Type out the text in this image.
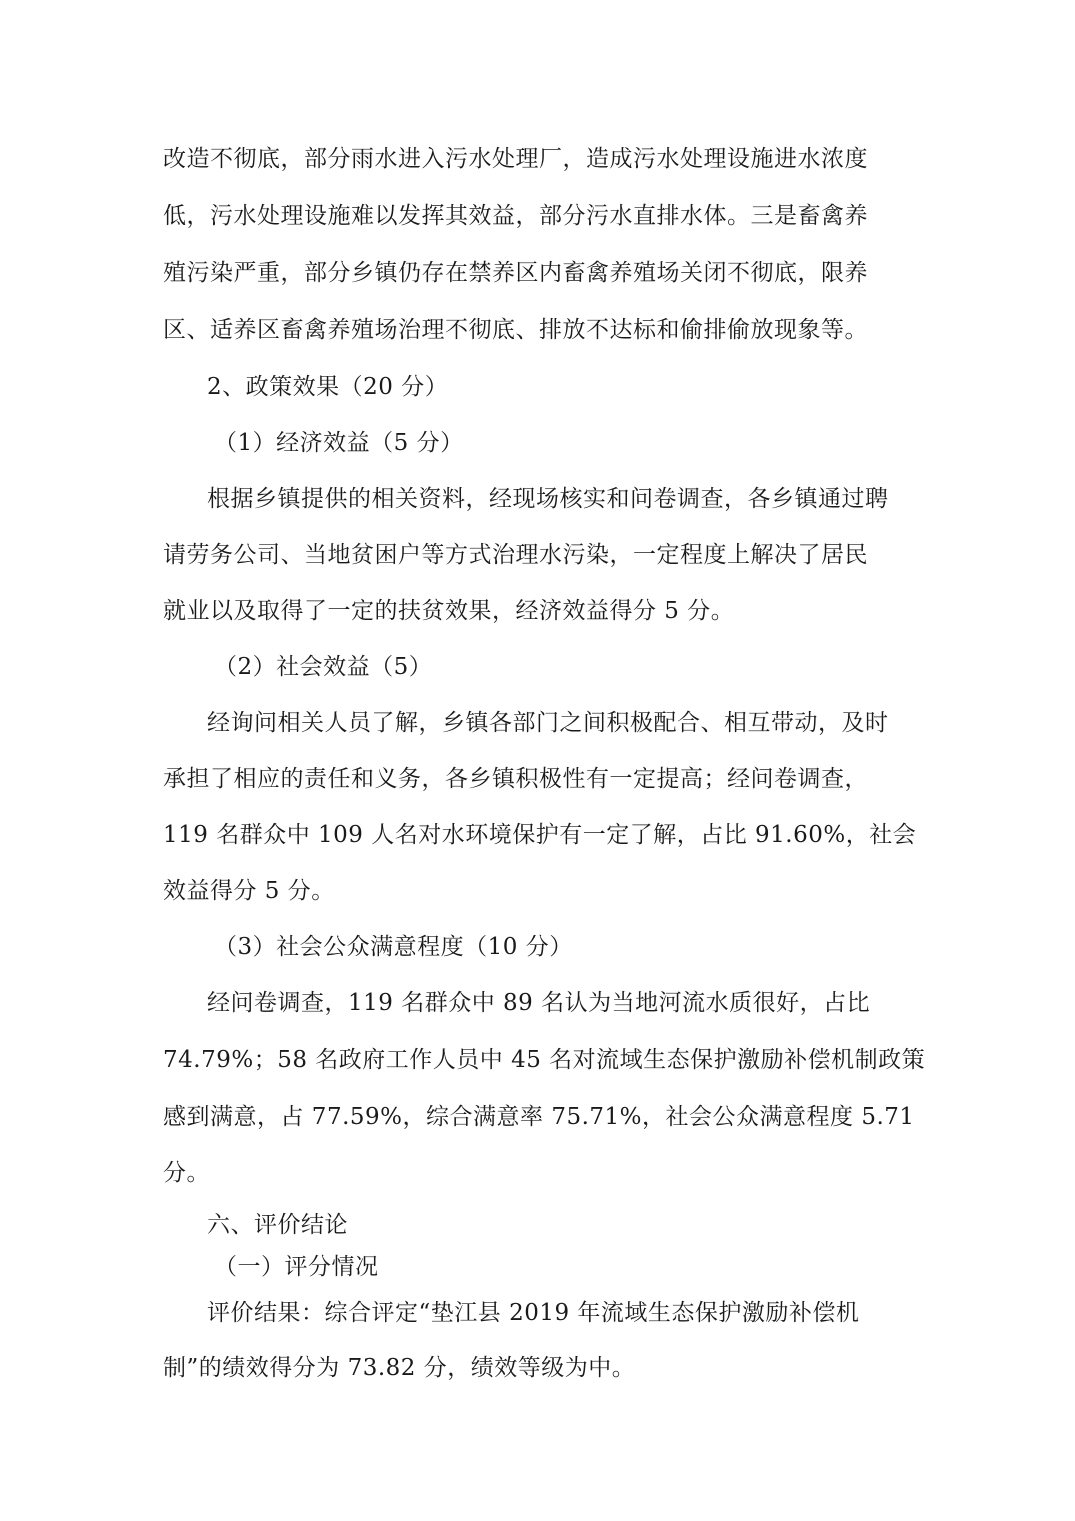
改造不彻底，部分雨水进入污水处理厂，造成污水处理设施进水浓度
低，污水处理设施难以发挥其效益，部分污水直排水体。三是畜禽养
殖污染严重，部分乡镇仍存在禁养区内畜禽养殖场关闭不彻底，限养
区、适养区畜禽养殖场治理不彻底、排放不达标和偷排偷放现象等。
2、政策效果（20 分）
（1）经济效益（5 分）
根据乡镇提供的相关资料，经现场核实和问卷调查，各乡镇通过聘
请劳务公司、当地贫困户等方式治理水污染，一定程度上解决了居民
就业以及取得了一定的扶贫效果，经济效益得分 5 分。
（2）社会效益（5）
经询问相关人员了解，乡镇各部门之间积极配合、相互带动，及时
承担了相应的责任和义务，各乡镇积极性有一定提高；经问卷调查，
119 名群众中 109 人名对水环境保护有一定了解，占比 91.60%，社会
效益得分 5 分。
（3）社会公众满意程度（10 分）
经问卷调查，119 名群众中 89 名认为当地河流水质很好，占比
74.79%；58 名政府工作人员中 45 名对流域生态保护激励补偿机制政策
感到满意，占 77.59%，综合满意率 75.71%，社会公众满意程度 5.71
分。
六、评价结论
（一）评分情况
评价结果：综合评定“垫江县 2019 年流域生态保护激励补偿机
制”的绩效得分为 73.82 分，绩效等级为中。
